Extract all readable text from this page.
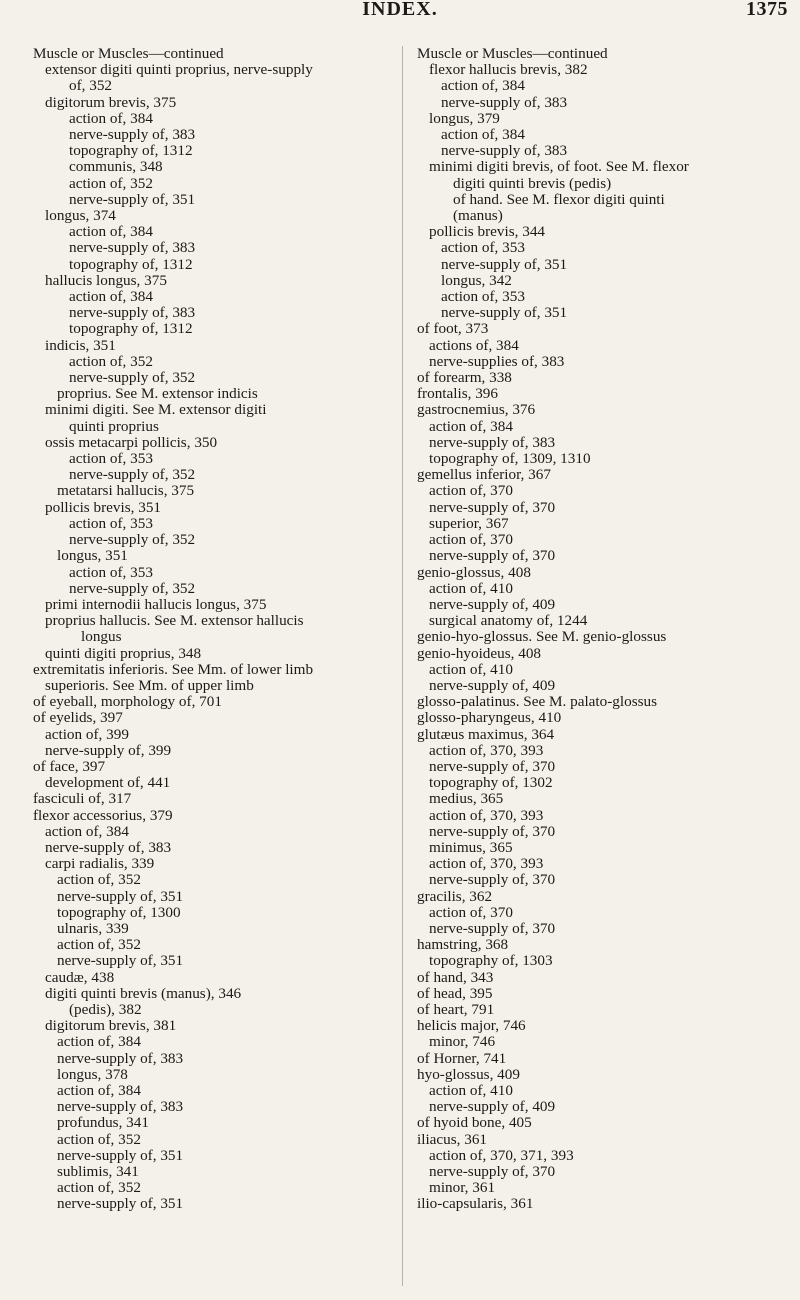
INDEX.	1375
Muscle or Muscles—continued
extensor digiti quinti proprius, nerve-supply
of, 352
digitorum brevis, 375
action of, 384
nerve-supply of, 383
topography of, 1312
communis, 348
action of, 352
nerve-supply of, 351
longus, 374
action of, 384
nerve-supply of, 383
topography of, 1312
hallucis longus, 375
action of, 384
nerve-supply of, 383
topography of, 1312
indicis, 351
action of, 352
nerve-supply of, 352
proprius. See M. extensor indicis
minimi digiti. See M. extensor digiti
quinti proprius
ossis metacarpi pollicis, 350
action of, 353
nerve-supply of, 352
metatarsi hallucis, 375
pollicis brevis, 351
action of, 353
nerve-supply of, 352
longus, 351
action of, 353
nerve-supply of, 352
primi internodii hallucis longus, 375
proprius hallucis. See M. extensor hallucis
longus
quinti digiti proprius, 348
extremitatis inferioris. See Mm. of lower limb
superioris. See Mm. of upper limb
of eyeball, morphology of, 701
of eyelids, 397
action of, 399
nerve-supply of, 399
of face, 397
development of, 441
fasciculi of, 317
flexor accessorius, 379
action of, 384
nerve-supply of, 383
carpi radialis, 339
action of, 352
nerve-supply of, 351
topography of, 1300
ulnaris, 339
action of, 352
nerve-supply of, 351
caudæ, 438
digiti quinti brevis (manus), 346
(pedis), 382
digitorum brevis, 381
action of, 384
nerve-supply of, 383
longus, 378
action of, 384
nerve-supply of, 383
profundus, 341
action of, 352
nerve-supply of, 351
sublimis, 341
action of, 352
nerve-supply of, 351
Muscle or Muscles—continued
flexor hallucis brevis, 382
action of, 384
nerve-supply of, 383
longus, 379
action of, 384
nerve-supply of, 383
minimi digiti brevis, of foot. See M. flexor
digiti quinti brevis (pedis)
of hand. See M. flexor digiti quinti
(manus)
pollicis brevis, 344
action of, 353
nerve-supply of, 351
longus, 342
action of, 353
nerve-supply of, 351
of foot, 373
actions of, 384
nerve-supplies of, 383
of forearm, 338
frontalis, 396
gastrocnemius, 376
action of, 384
nerve-supply of, 383
topography of, 1309, 1310
gemellus inferior, 367
action of, 370
nerve-supply of, 370
superior, 367
action of, 370
nerve-supply of, 370
genio-glossus, 408
action of, 410
nerve-supply of, 409
surgical anatomy of, 1244
genio-hyo-glossus. See M. genio-glossus
genio-hyoideus, 408
action of, 410
nerve-supply of, 409
glosso-palatinus. See M. palato-glossus
glosso-pharyngeus, 410
glutæus maximus, 364
action of, 370, 393
nerve-supply of, 370
topography of, 1302
medius, 365
action of, 370, 393
nerve-supply of, 370
minimus, 365
action of, 370, 393
nerve-supply of, 370
gracilis, 362
action of, 370
nerve-supply of, 370
hamstring, 368
topography of, 1303
of hand, 343
of head, 395
of heart, 791
helicis major, 746
minor, 746
of Horner, 741
hyo-glossus, 409
action of, 410
nerve-supply of, 409
of hyoid bone, 405
iliacus, 361
action of, 370, 371, 393
nerve-supply of, 370
minor, 361
ilio-capsularis, 361
